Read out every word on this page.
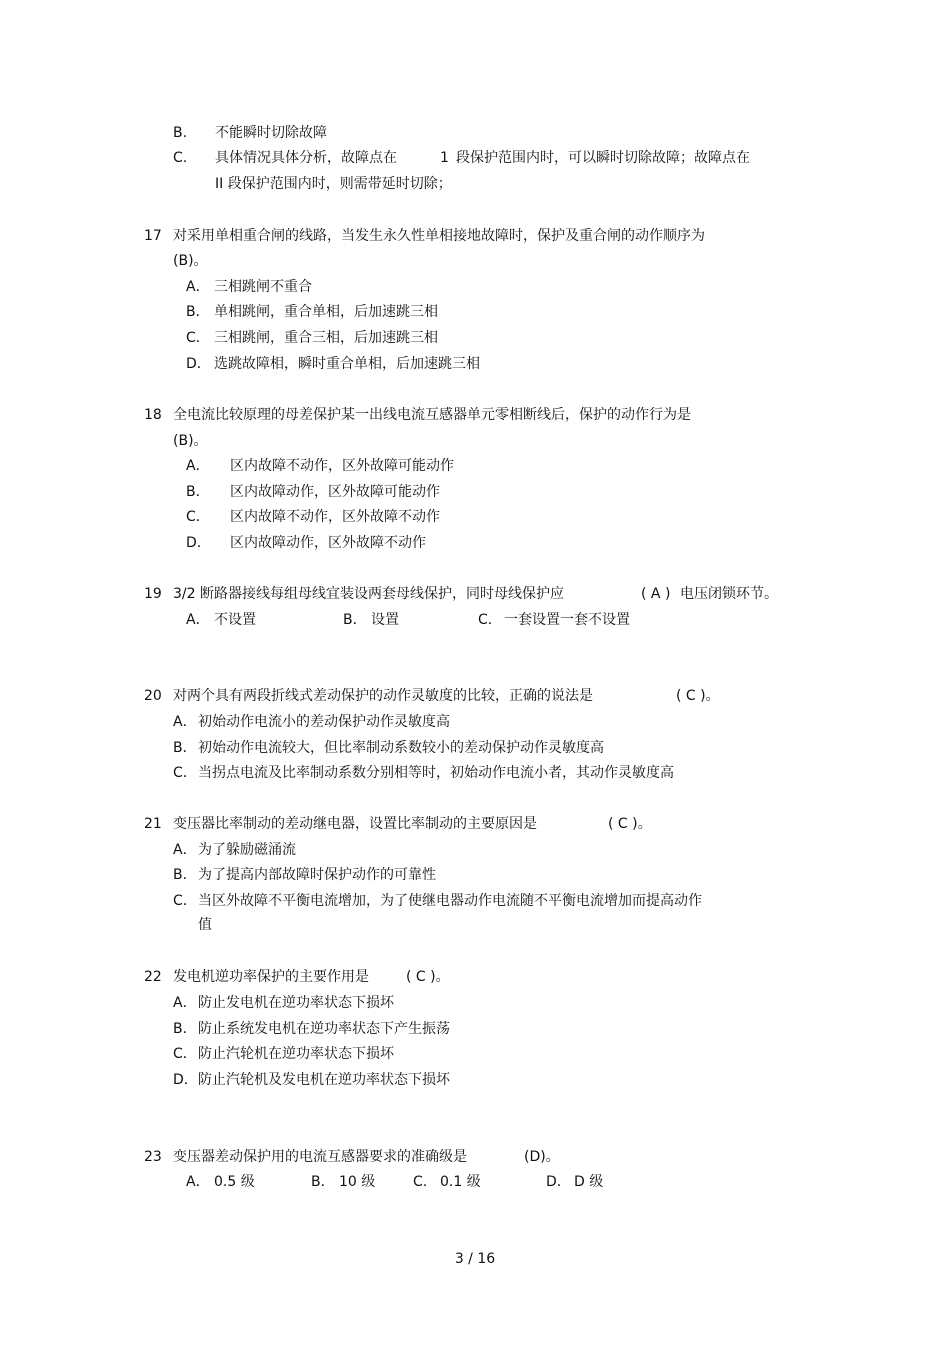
B. 不能瞬时切除故障
C. 具体情况具体分析，故障点在	1 段保护范围内时，可以瞬时切除故障；故障点在
II 段保护范围内时，则需带延时切除；
17 对采用单相重合闸的线路，当发生永久性单相接地故障时，保护及重合闸的动作顺序为
(B)。
A． 三相跳闸不重合
B． 单相跳闸，重合单相，后加速跳三相
C． 三相跳闸，重合三相，后加速跳三相
D． 选跳故障相，瞬时重合单相，后加速跳三相
18 全电流比较原理的母差保护某一出线电流互感器单元零相断线后，保护的动作行为是
(B)。
A． 区内故障不动作，区外故障可能动作
B． 区内故障动作，区外故障可能动作
C． 区内故障不动作，区外故障不动作
D． 区内故障动作，区外故障不动作
19 3/2 断路器接线每组母线宜装设两套母线保护，同时母线保护应	( A ) 电压闭锁环节。
A． 不设置	B． 设置	C． 一套设置一套不设置
20 对两个具有两段折线式差动保护的动作灵敏度的比较，正确的说法是	( C )。
A． 初始动作电流小的差动保护动作灵敏度高
B． 初始动作电流较大，但比率制动系数较小的差动保护动作灵敏度高
C． 当拐点电流及比率制动系数分别相等时，初始动作电流小者，其动作灵敏度高
21 变压器比率制动的差动继电器，设置比率制动的主要原因是	( C )。
A． 为了躲励磁涌流
B． 为了提高内部故障时保护动作的可靠性
C． 当区外故障不平衡电流增加，为了使继电器动作电流随不平衡电流增加而提高动作
值
22 发电机逆功率保护的主要作用是	( C )。
A． 防止发电机在逆功率状态下损坏
B． 防止系统发电机在逆功率状态下产生振荡
C． 防止汽轮机在逆功率状态下损坏
D． 防止汽轮机及发电机在逆功率状态下损坏
23 变压器差动保护用的电流互感器要求的准确级是	(D)。
A． 0.5 级	B． 10 级	C. 0.1 级	D． D 级
3 / 16
